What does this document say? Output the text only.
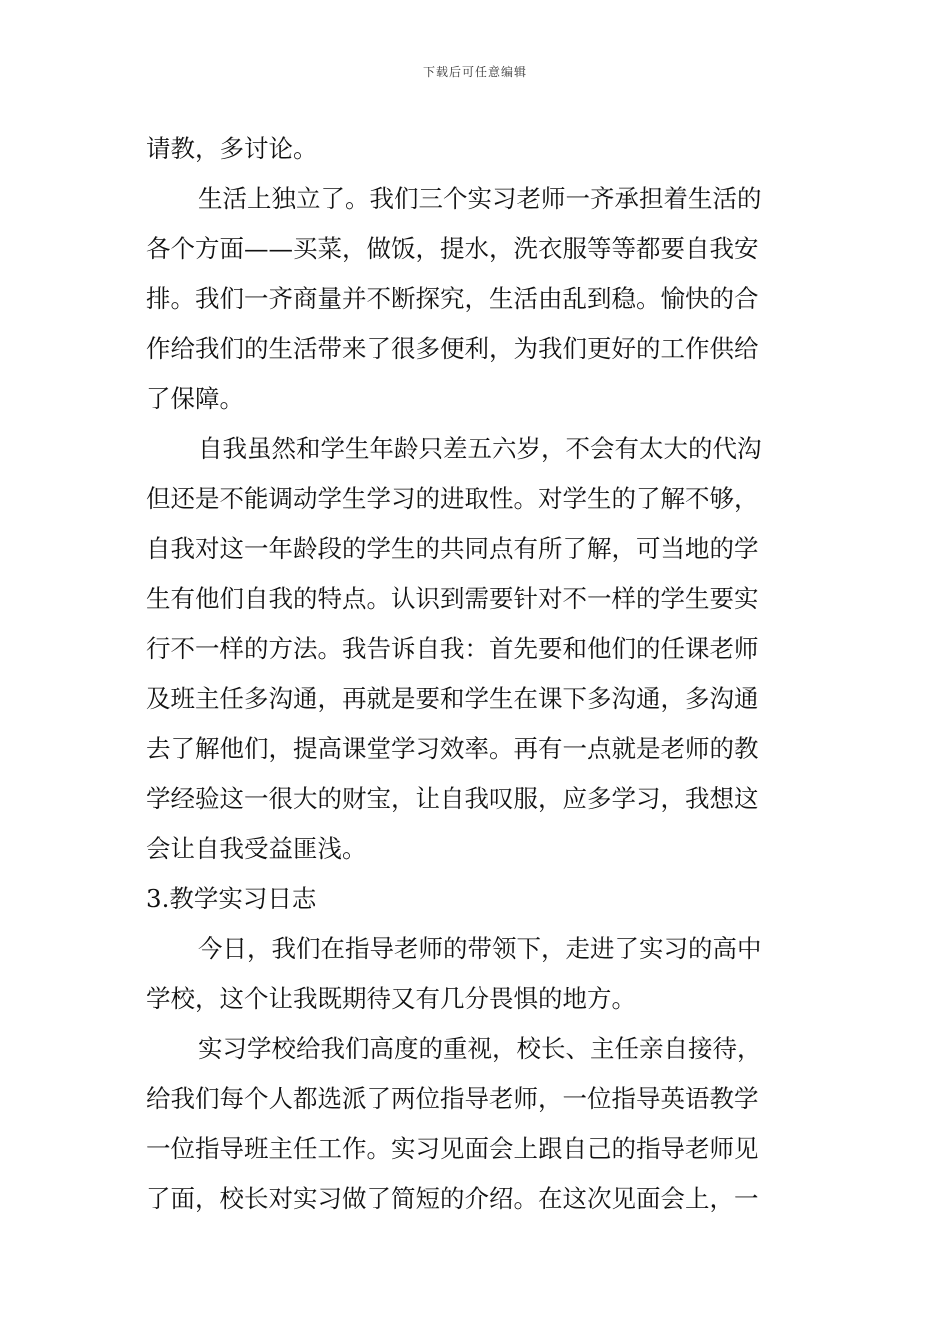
下载后可任意编辑
请教，多讨论。
生活上独立了。我们三个实习老师一齐承担着生活的
各个方面——买菜，做饭，提水，洗衣服等等都要自我安
排。我们一齐商量并不断探究，生活由乱到稳。愉快的合
作给我们的生活带来了很多便利，为我们更好的工作供给
了保障。
自我虽然和学生年龄只差五六岁，不会有太大的代沟
但还是不能调动学生学习的进取性。对学生的了解不够，
自我对这一年龄段的学生的共同点有所了解，可当地的学
生有他们自我的特点。认识到需要针对不一样的学生要实
行不一样的方法。我告诉自我：首先要和他们的任课老师
及班主任多沟通，再就是要和学生在课下多沟通，多沟通
去了解他们，提高课堂学习效率。再有一点就是老师的教
学经验这一很大的财宝，让自我叹服，应多学习，我想这
会让自我受益匪浅。
3.教学实习日志
今日，我们在指导老师的带领下，走进了实习的高中
学校，这个让我既期待又有几分畏惧的地方。
实习学校给我们高度的重视，校长、主任亲自接待，
给我们每个人都选派了两位指导老师，一位指导英语教学
一位指导班主任工作。实习见面会上跟自己的指导老师见
了面，校长对实习做了简短的介绍。在这次见面会上，一
